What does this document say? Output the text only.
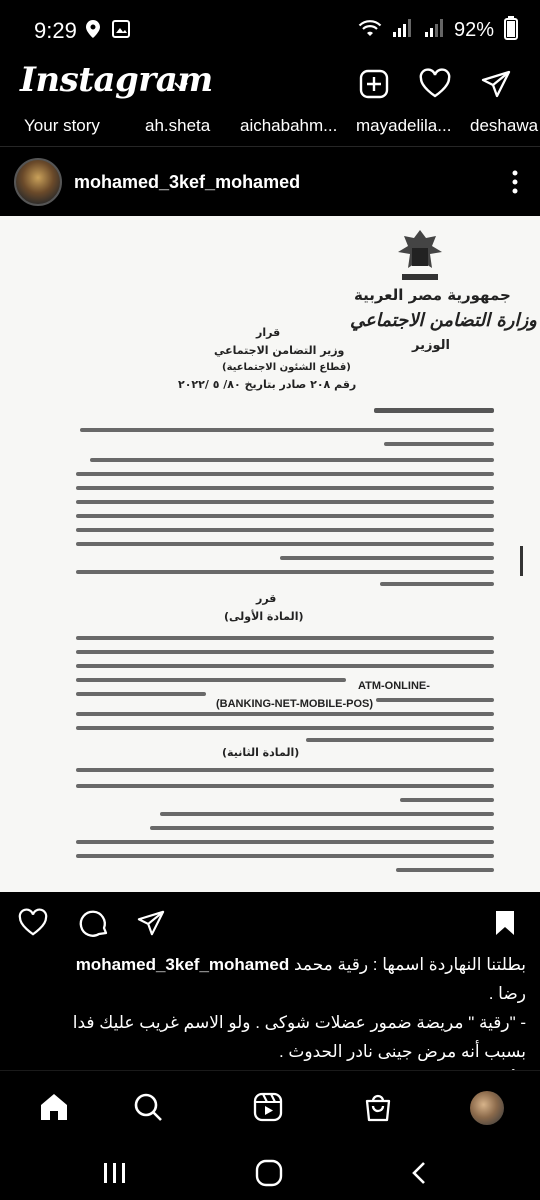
9:29	92%
Instagram
Your story	ah.sheta aichabahm... mayadelila... deshawa
mohamed_3kef_mohamed
جمهورية مصر العربية
وزارة التضامن الاجتماعي
الوزير
قرار
وزير التضامن الاجتماعي
(قطاع الشئون الاجتماعية)
رقم ٢٠٨ صادر بتاريخ ٨٠/ ٥ /٢٠٢٢
قرر
(المادة الأولى)
(المادة الثانية)
ATM-ONLINE-
(BANKING-NET-MOBILE-POS)
بطلتنا النهاردة اسمها : رقية محمد mohamed_3kef_mohamed
رضا .
- "رقية " مريضة ضمور عضلات شوكى . ولو الاسم غريب عليك فدا
بسبب أنه مرض جينى نادر الحدوث .
